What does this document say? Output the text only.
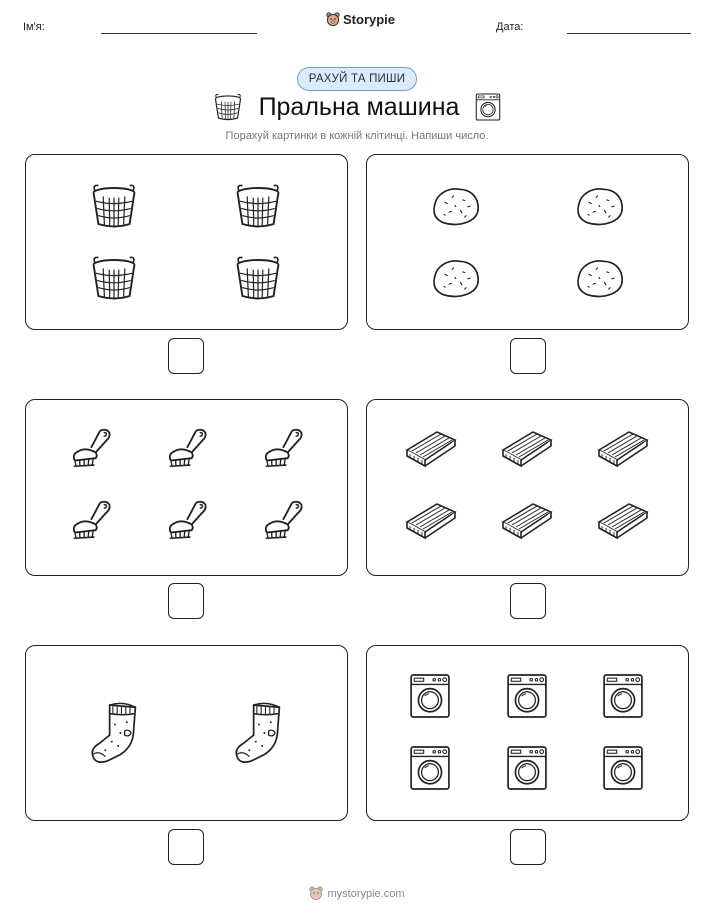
Ім'я:	Storypie	Дата:
РАХУЙ ТА ПИШИ
Пральна машина
Порахуй картинки в кожній клітинці. Напиши число.
mystorypie.com
